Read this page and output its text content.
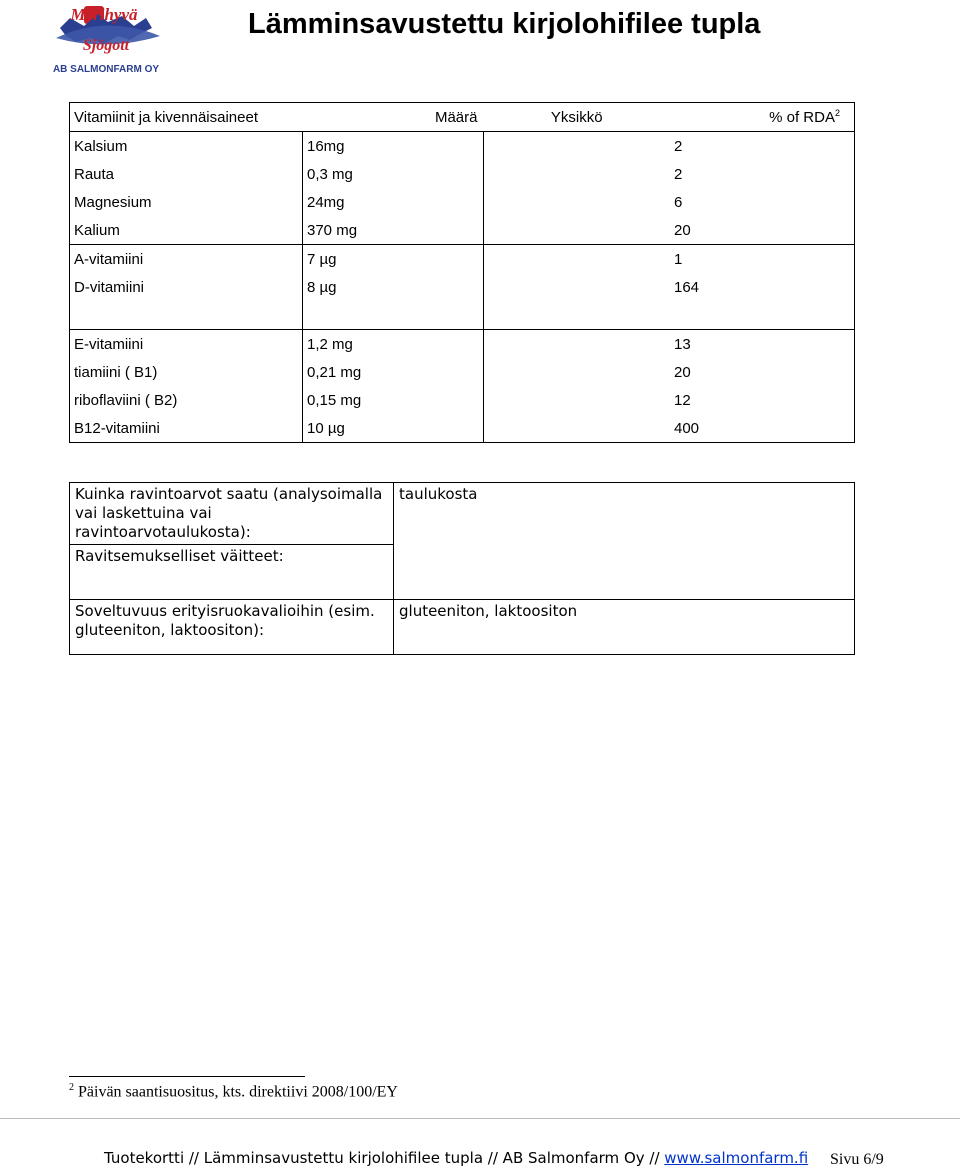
Merihyvä
Sjögott
AB SALMONFARM OY
Lämminsavustettu kirjolohifilee tupla
Vitamiinit ja kivennäisaineet	Määrä	Yksikkö	% of RDA$^2$
Kalsium	16mg		2
Rauta	0,3 mg		2
Magnesium	24mg		6
Kalium	370 mg		20
A-vitamiini	7 µg		1
D-vitamiini	8 µg		164

E-vitamiini	1,2 mg		13
tiamiini ( B1)	0,21 mg		20
riboflaviini ( B2)	0,15 mg		12
B12-vitamiini	10 µg		400
Kuinka ravintoarvot saatu (analysoimalla vai laskettuina vai ravintoarvotaulukosta):	taulukosta
Ravitsemukselliset väitteet:	
Soveltuvuus erityisruokavalioihin (esim. gluteeniton, laktoositon):	gluteeniton, laktoositon
$^2$ Päivän saantisuositus, kts. direktiivi 2008/100/EY
Tuotekortti // Lämminsavustettu kirjolohifilee tupla // AB Salmonfarm Oy // www.salmonfarm.fi Sivu 6/9
